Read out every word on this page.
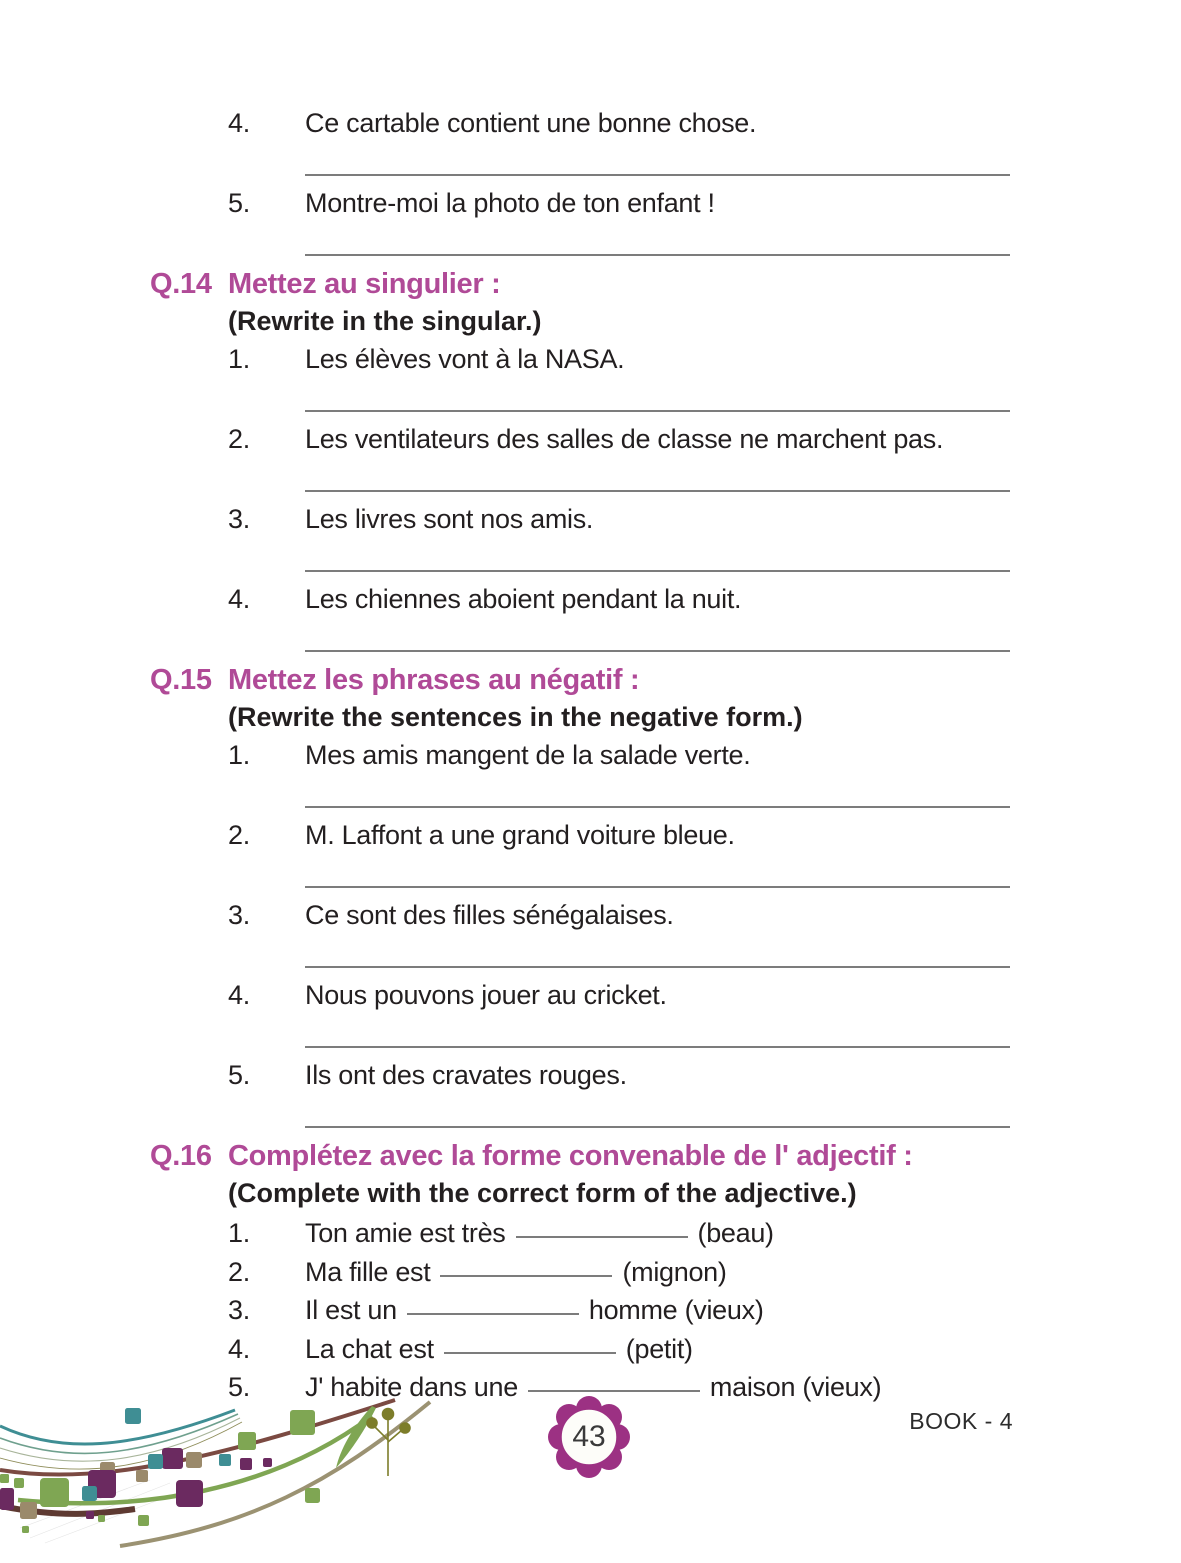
4.	Ce cartable contient une bonne chose.
5.	Montre-moi la photo de ton enfant !
Q.14 Mettez au singulier :
(Rewrite in the singular.)
1.	Les élèves vont à la NASA.
2.	Les ventilateurs des salles de classe ne marchent pas.
3.	Les livres sont nos amis.
4.	Les chiennes aboient pendant la nuit.
Q.15 Mettez les phrases au négatif :
(Rewrite the sentences in the negative form.)
1.	Mes amis mangent de la salade verte.
2.	M. Laffont a une grand voiture bleue.
3.	Ce sont des filles sénégalaises.
4.	Nous pouvons jouer au cricket.
5.	Ils ont des cravates rouges.
Q.16 Complétez avec la forme convenable de l' adjectif :
(Complete with the correct form of the adjective.)
1.	Ton amie est très	(beau)
2.	Ma fille est	(mignon)
3.	Il est un	homme (vieux)
4.	La chat est	(petit)
5.	J' habite dans une	maison (vieux)
43	BOOK - 4
